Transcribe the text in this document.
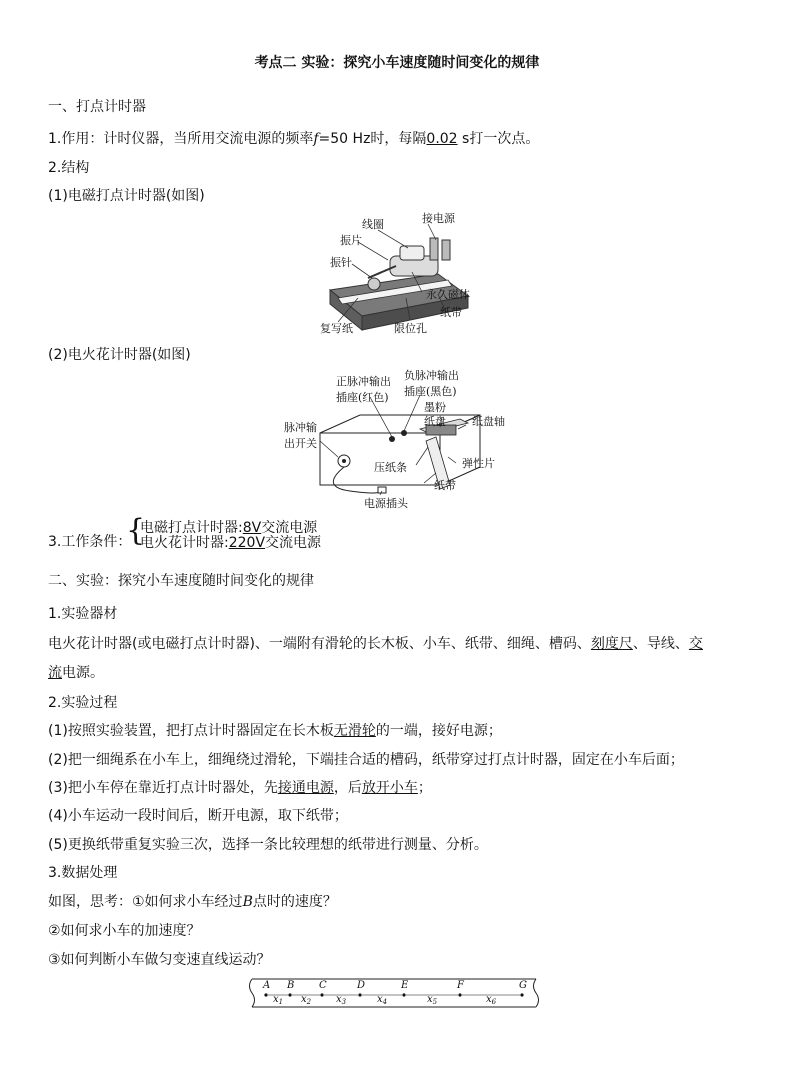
考点二 实验：探究小车速度随时间变化的规律
一、打点计时器
1.作用：计时仪器，当所用交流电源的频率f=50 Hz时，每隔0.02 s打一次点。
2.结构
(1)电磁打点计时器(如图)
线圈	接电源
振片
振针
永久磁体
纸带
复写纸	限位孔
(2)电火花计时器(如图)
正脉冲输出
插座(红色)
负脉冲输出
插座(黑色)
墨粉
纸盘 纸盘轴
脉冲输
出开关
压纸条	弹性片
纸带
电源插头
3.工作条件：
{
电磁打点计时器:8V交流电源
电火花计时器:220V交流电源
二、实验：探究小车速度随时间变化的规律
1.实验器材
电火花计时器(或电磁打点计时器)、一端附有滑轮的长木板、小车、纸带、细绳、槽码、刻度尺、导线、交
流电源。
2.实验过程
(1)按照实验装置，把打点计时器固定在长木板无滑轮的一端，接好电源；
(2)把一细绳系在小车上，细绳绕过滑轮，下端挂合适的槽码，纸带穿过打点计时器，固定在小车后面；
(3)把小车停在靠近打点计时器处，先接通电源，后放开小车；
(4)小车运动一段时间后，断开电源，取下纸带；
(5)更换纸带重复实验三次，选择一条比较理想的纸带进行测量、分析。
3.数据处理
如图，思考：①如何求小车经过B点时的速度？
②如何求小车的加速度？
③如何判断小车做匀变速直线运动？
A B C	D	E	F	G
$x_1$ $x_2$ $x_3$	$x_4$	$x_5$	$x_6$
